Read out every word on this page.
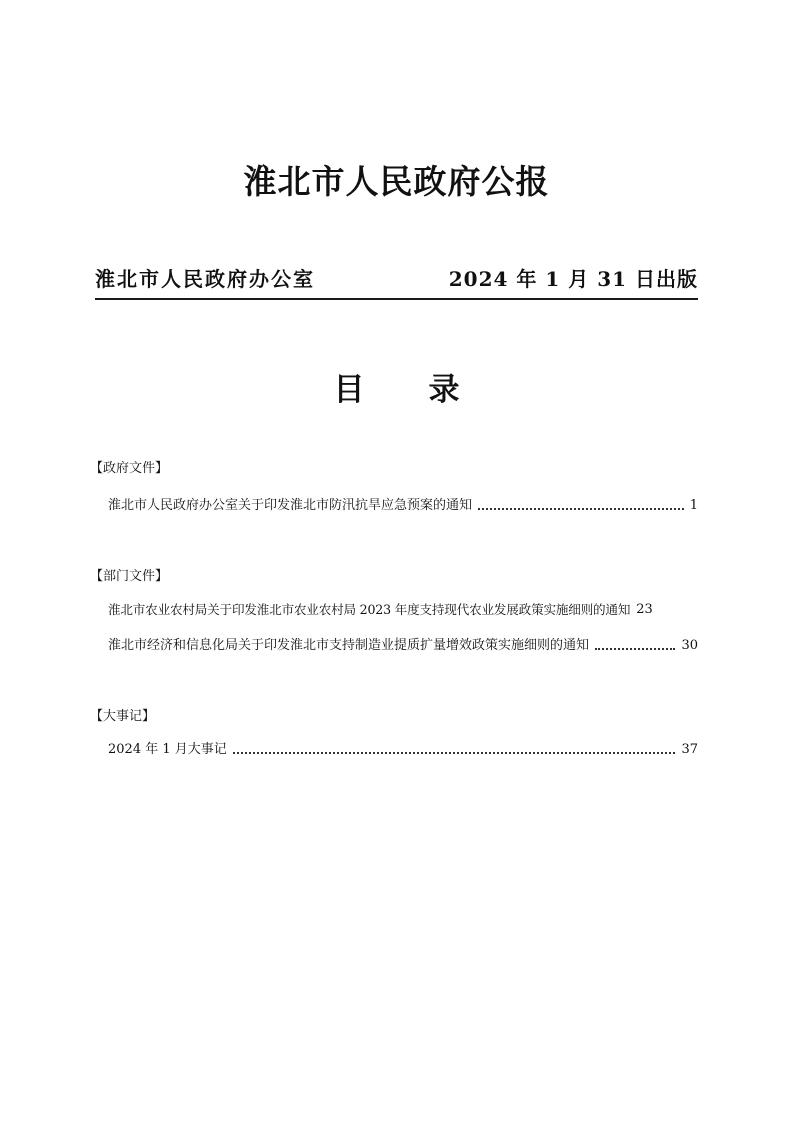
淮北市人民政府公报
淮北市人民政府办公室	2024 年 1 月 31 日出版
目 录
【政府文件】
淮北市人民政府办公室关于印发淮北市防汛抗旱应急预案的通知	1
【部门文件】
淮北市农业农村局关于印发淮北市农业农村局 2023 年度支持现代农业发展政策实施细则的通知 23
淮北市经济和信息化局关于印发淮北市支持制造业提质扩量增效政策实施细则的通知	30
【大事记】
2024 年 1 月大事记	37
